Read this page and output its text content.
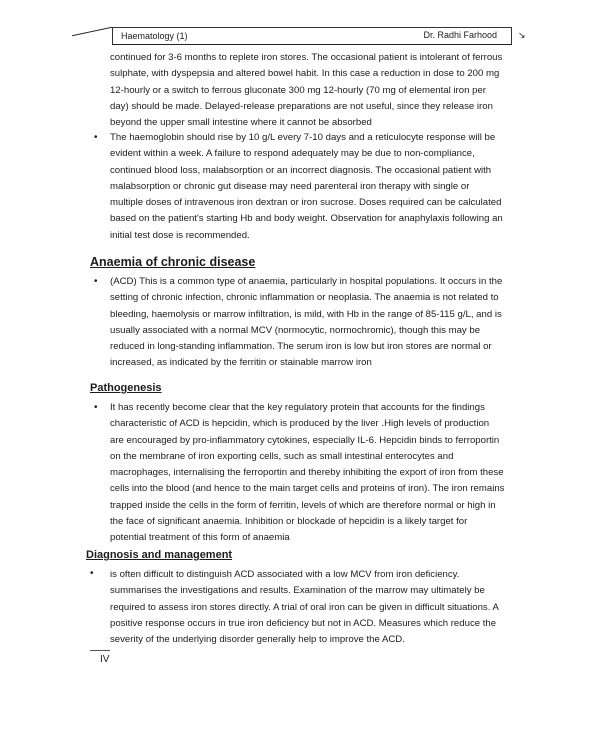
Haematology (1)	Dr. Radhi Farhood ↘

continued for 3-6 months to replete iron stores. The occasional patient is intolerant of ferrous sulphate, with dyspepsia and altered bowel habit. In this case a reduction in dose to 200 mg 12-hourly or a switch to ferrous gluconate 300 mg 12-hourly (70 mg of elemental iron per day) should be made. Delayed-release preparations are not useful, since they release iron beyond the upper small intestine where it cannot be absorbed

• The haemoglobin should rise by 10 g/L every 7-10 days and a reticulocyte response will be evident within a week. A failure to respond adequately may be due to non-compliance, continued blood loss, malabsorption or an incorrect diagnosis. The occasional patient with malabsorption or chronic gut disease may need parenteral iron therapy with single or multiple doses of intravenous iron dextran or iron sucrose. Doses required can be calculated based on the patient's starting Hb and body weight. Observation for anaphylaxis following an initial test dose is recommended.

Anaemia of chronic disease
• (ACD) This is a common type of anaemia, particularly in hospital populations. It occurs in the setting of chronic infection, chronic inflammation or neoplasia. The anaemia is not related to bleeding, haemolysis or marrow infiltration, is mild, with Hb in the range of 85-115 g/L, and is usually associated with a normal MCV (normocytic, normochromic), though this may be reduced in long-standing inflammation. The serum iron is low but iron stores are normal or increased, as indicated by the ferritin or stainable marrow iron

Pathogenesis
• It has recently become clear that the key regulatory protein that accounts for the findings characteristic of ACD is hepcidin, which is produced by the liver .High levels of production are encouraged by pro-inflammatory cytokines, especially IL-6. Hepcidin binds to ferroportin on the membrane of iron exporting cells, such as small intestinal enterocytes and macrophages, internalising the ferroportin and thereby inhibiting the export of iron from these cells into the blood (and hence to the main target cells and proteins of iron). The iron remains trapped inside the cells in the form of ferritin, levels of which are therefore normal or high in the face of significant anaemia. Inhibition or blockade of hepcidin is a likely target for potential treatment of this form of anaemia

Diagnosis and management
• is often difficult to distinguish ACD associated with a low MCV from iron deficiency. summarises the investigations and results. Examination of the marrow may ultimately be required to assess iron stores directly. A trial of oral iron can be given in difficult situations. A positive response occurs in true iron deficiency but not in ACD. Measures which reduce the severity of the underlying disorder generally help to improve the ACD.

IV
